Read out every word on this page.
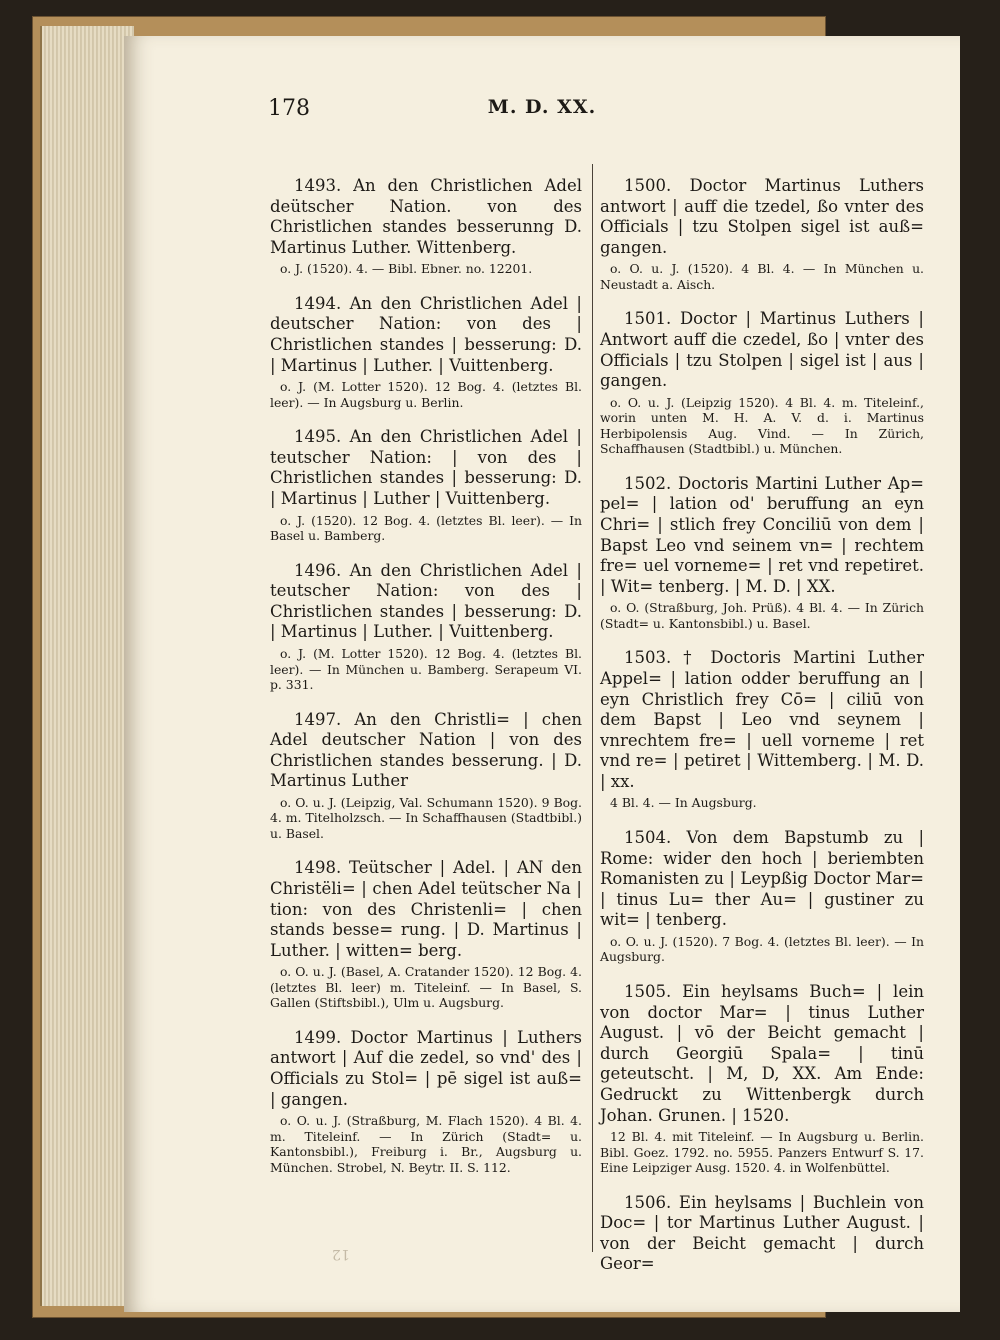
M. D. XX.
178
1493. An den Christlichen Adel deütscher Nation. von des Christlichen standes besserunng D. Martinus Luther. Wittenberg.
o. J. (1520). 4. — Bibl. Ebner. no. 12201.
1494. An den Christlichen Adel | deutscher Nation: von des | Christlichen standes | besserung: D. | Martinus | Luther. | Vuittenberg.
o. J. (M. Lotter 1520). 12 Bog. 4. (letztes Bl. leer). — In Augsburg u. Berlin.
1495. An den Christlichen Adel | teutscher Nation: | von des | Christlichen standes | besserung: D. | Martinus | Luther | Vuittenberg.
o. J. (1520). 12 Bog. 4. (letztes Bl. leer). — In Basel u. Bamberg.
1496. An den Christlichen Adel | teutscher Nation: von des | Christlichen standes | besserung: D. | Martinus | Luther. | Vuittenberg.
o. J. (M. Lotter 1520). 12 Bog. 4. (letztes Bl. leer). — In München u. Bamberg. Serapeum VI. p. 331.
1497. An den Christli= | chen Adel deutscher Nation | von des Christlichen standes besserung. | D. Martinus Luther
o. O. u. J. (Leipzig, Val. Schumann 1520). 9 Bog. 4. m. Titelholzsch. — In Schaffhausen (Stadtbibl.) u. Basel.
1498. Teütscher | Adel. | AN den Christëli= | chen Adel teütscher Na | tion: von des Christenli= | chen stands besse= rung. | D. Martinus | Luther. | witten= berg.
o. O. u. J. (Basel, A. Cratander 1520). 12 Bog. 4. (letztes Bl. leer) m. Titeleinf. — In Basel, S. Gallen (Stiftsbibl.), Ulm u. Augsburg.
1499. Doctor Martinus | Luthers antwort | Auf die zedel, so vnd' des | Officials zu Stol= | pē sigel ist auß= | gangen.
o. O. u. J. (Straßburg, M. Flach 1520). 4 Bl. 4. m. Titeleinf. — In Zürich (Stadt= u. Kantonsbibl.), Freiburg i. Br., Augsburg u. München. Strobel, N. Beytr. II. S. 112.
1500. Doctor Martinus Luthers antwort | auff die tzedel, ßo vnter des Officials | tzu Stolpen sigel ist auß= gangen.
o. O. u. J. (1520). 4 Bl. 4. — In München u. Neustadt a. Aisch.
1501. Doctor | Martinus Luthers | Antwort auff die czedel, ßo | vnter des Officials | tzu Stolpen | sigel ist | aus | gangen.
o. O. u. J. (Leipzig 1520). 4 Bl. 4. m. Titeleinf., worin unten M. H. A. V. d. i. Martinus Herbipolensis Aug. Vind. — In Zürich, Schaffhausen (Stadtbibl.) u. München.
1502. Doctoris Martini Luther Ap= pel= | lation od' beruffung an eyn Chri= | stlich frey Conciliū von dem | Bapst Leo vnd seinem vn= | rechtem fre= uel vorneme= | ret vnd repetiret. | Wit= tenberg. | M. D. | XX.
o. O. (Straßburg, Joh. Prüß). 4 Bl. 4. — In Zürich (Stadt= u. Kantonsbibl.) u. Basel.
1503. † Doctoris Martini Luther Appel= | lation odder beruffung an | eyn Christlich frey Cō= | ciliū von dem Bapst | Leo vnd seynem | vnrechtem fre= | uell vorneme | ret vnd re= | petiret | Wittemberg. | M. D. | xx.
4 Bl. 4. — In Augsburg.
1504. Von dem Bapstumb zu | Rome: wider den hoch | beriembten Romanisten zu | Leypßig Doctor Mar= | tinus Lu= ther Au= | gustiner zu wit= | tenberg.
o. O. u. J. (1520). 7 Bog. 4. (letztes Bl. leer). — In Augsburg.
1505. Ein heylsams Buch= | lein von doctor Mar= | tinus Luther August. | vō der Beicht gemacht | durch Georgiū Spala= | tinū geteutscht. | M, D, XX. Am Ende: Gedruckt zu Wittenbergk durch Johan. Grunen. | 1520.
12 Bl. 4. mit Titeleinf. — In Augsburg u. Berlin. Bibl. Goez. 1792. no. 5955. Panzers Entwurf S. 17. Eine Leipziger Ausg. 1520. 4. in Wolfenbüttel.
1506. Ein heylsams | Buchlein von Doc= | tor Martinus Luther August. | von der Beicht gemacht | durch Geor=
12
